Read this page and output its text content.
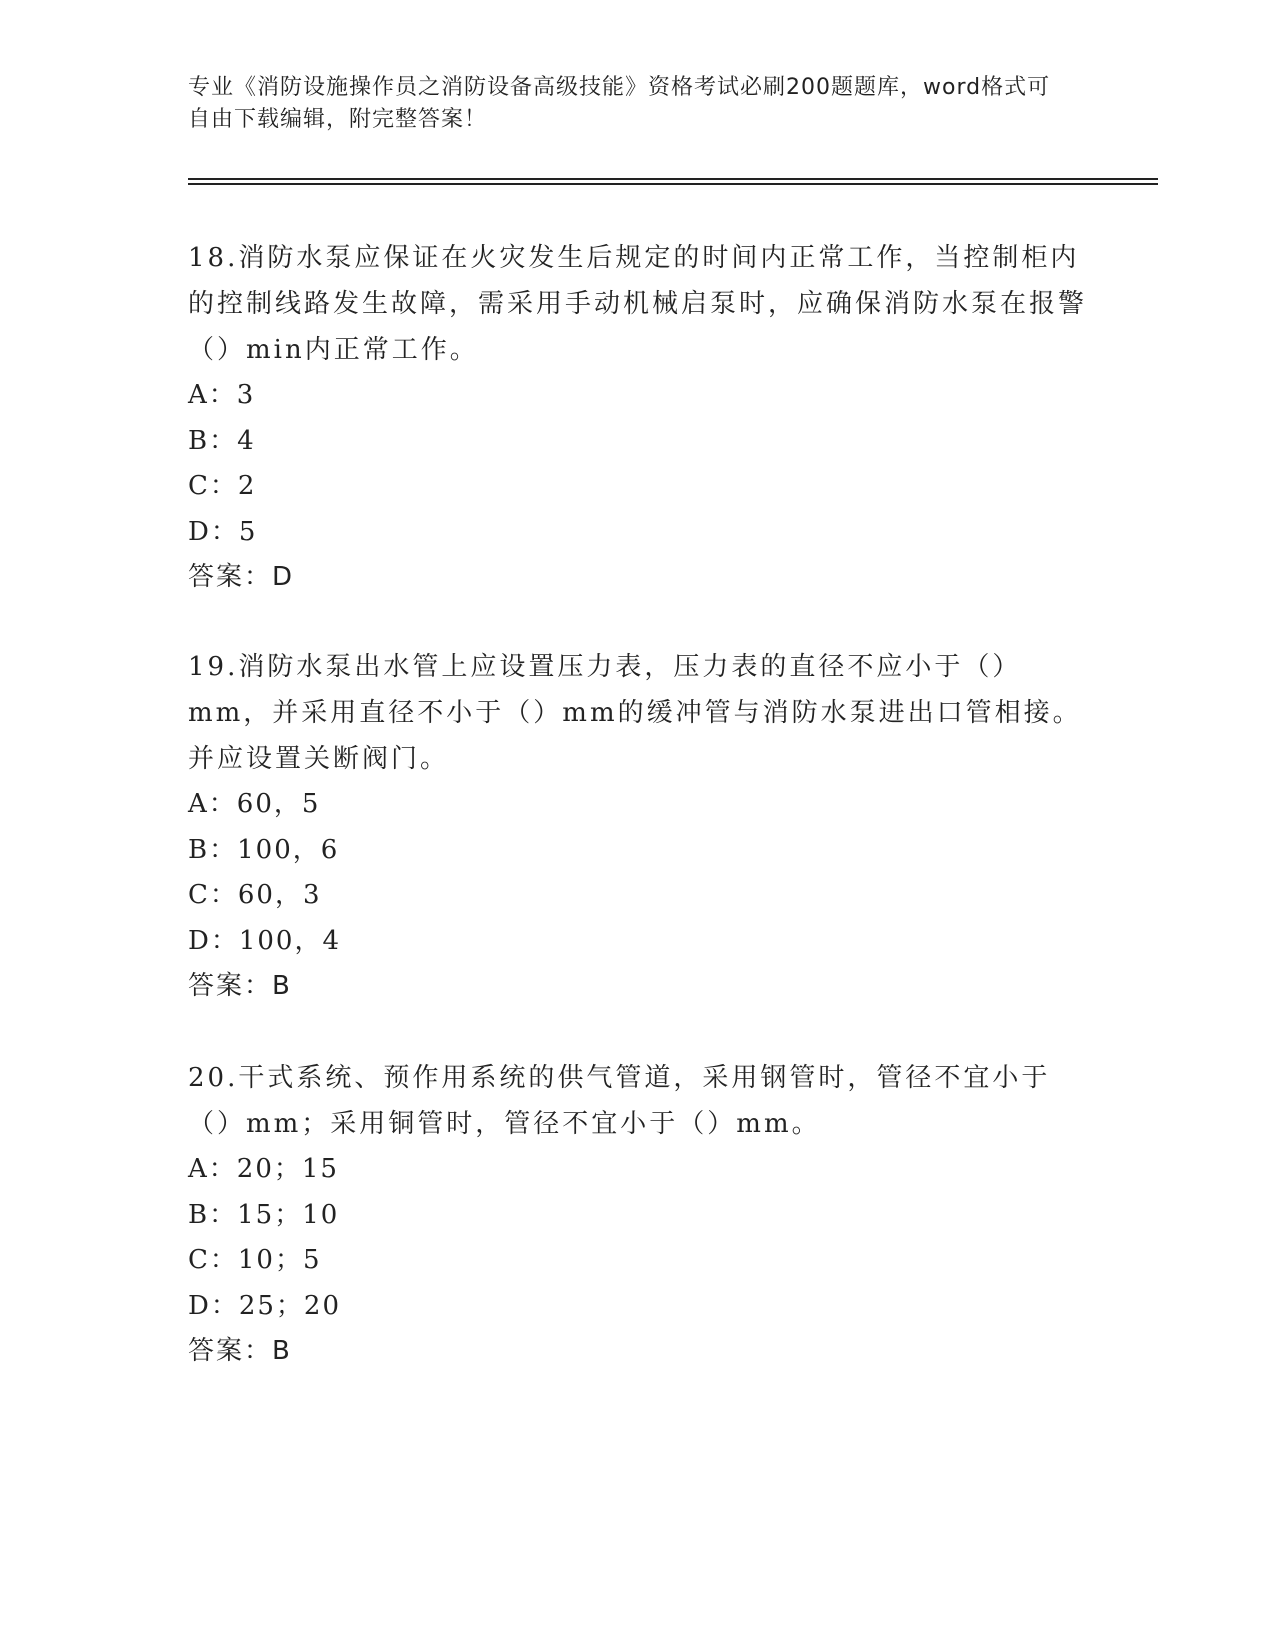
专业《消防设施操作员之消防设备高级技能》资格考试必刷200题题库，word格式可自由下载编辑，附完整答案！

18.消防水泵应保证在火灾发生后规定的时间内正常工作，当控制柜内的控制线路发生故障，需采用手动机械启泵时，应确保消防水泵在报警（）min内正常工作。

A：3

B：4

C：2

D：5

答案：D

19.消防水泵出水管上应设置压力表，压力表的直径不应小于（）mm，并采用直径不小于（）mm的缓冲管与消防水泵进出口管相接。并应设置关断阀门。

A：60，5

B：100，6

C：60，3

D：100，4

答案：B

20.干式系统、预作用系统的供气管道，采用钢管时，管径不宜小于（）mm；采用铜管时，管径不宜小于（）mm。

A：20；15

B：15；10

C：10；5

D：25；20

答案：B
